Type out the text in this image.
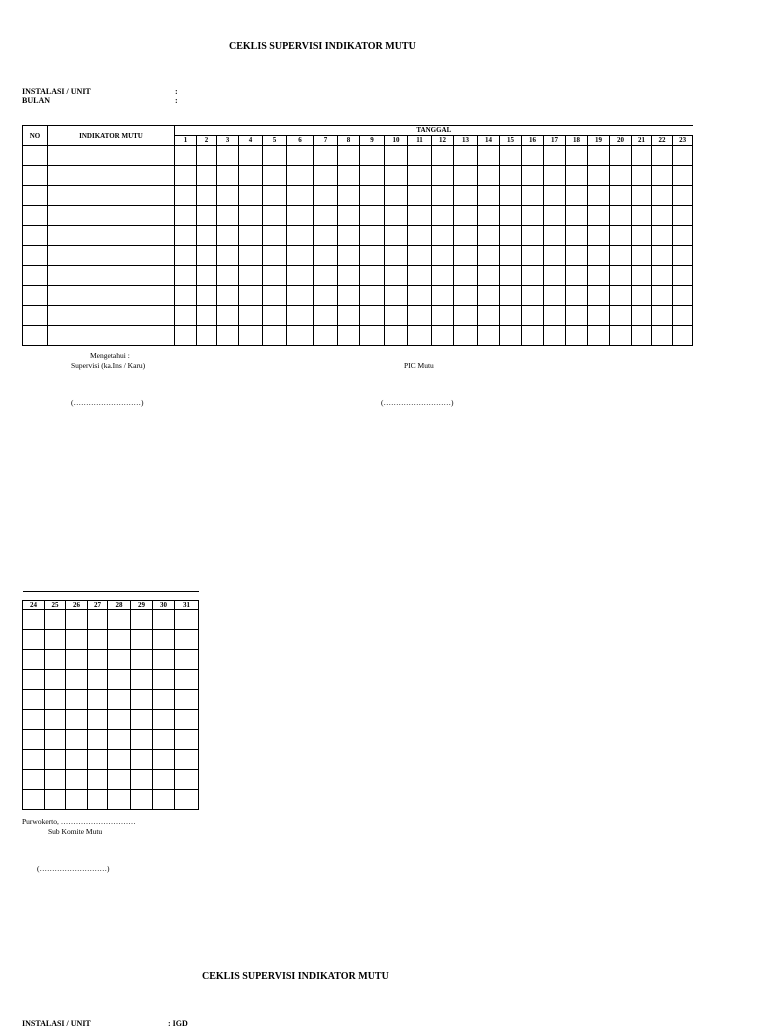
CEKLIS SUPERVISI INDIKATOR MUTU
INSTALASI / UNIT	:
BULAN	:
NO	INDIKATOR MUTU	TANGGAL																						
		1	2	3	4	5	6	7	8	9	10	11	12	13	14	15	16	17	18	19	20	21	22	23

Mengetahui :
Supervisi (ka.Ins / Karu)	PIC Mutu
(………………………)	(………………………)

24	25	26	27	28	29	30	31

Purwokerto, …………………………
Sub Komite Mutu
(………………………)
CEKLIS SUPERVISI INDIKATOR MUTU
INSTALASI / UNIT	: IGD
